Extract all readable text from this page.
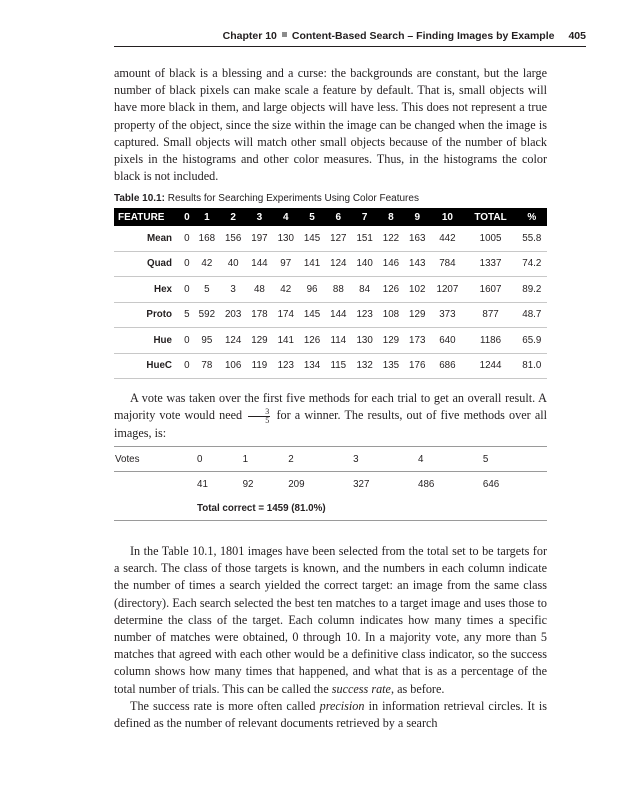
Chapter 10 Content-Based Search – Finding Images by Example 405

amount of black is a blessing and a curse: the backgrounds are constant, but the large number of black pixels can make scale a feature by default. That is, small objects will have more black in them, and large objects will have less. This does not represent a true property of the object, since the size within the image can be changed when the image is captured. Small objects will match other small objects because of the number of black pixels in the histograms and other color measures. Thus, in the histograms the color black is not included.

Table 10.1: Results for Searching Experiments Using Color Features
FEATURE	0	1	2	3	4	5	6	7	8	9	10	TOTAL	%
Mean	0	168	156	197	130	145	127	151	122	163	442	1005	55.8
Quad	0	42	40	144	97	141	124	140	146	143	784	1337	74.2
Hex	0	5	3	48	42	96	88	84	126	102	1207	1607	89.2
Proto	5	592	203	178	174	145	144	123	108	129	373	877	48.7
Hue	0	95	124	129	141	126	114	130	129	173	640	1186	65.9
HueC	0	78	106	119	123	134	115	132	135	176	686	1244	81.0

A vote was taken over the first five methods for each trial to get an overall result. A majority vote would need $\frac{3}{5}$ for a winner. The results, out of five methods over all images, is:

Votes	0	1	2	3	4	5
	41	92	209	327	486	646
	Total correct = 1459 (81.0%)					

In the Table 10.1, 1801 images have been selected from the total set to be targets for a search. The class of those targets is known, and the numbers in each column indicate the number of times a search yielded the correct target: an image from the same class (directory). Each search selected the best ten matches to a target image and uses those to determine the class of the target. Each column indicates how many times a specific number of matches were obtained, 0 through 10. In a majority vote, any more than 5 matches that agreed with each other would be a definitive class indicator, so the success column shows how many times that happened, and what that is as a percentage of the total number of trials. This can be called the success rate, as before.

The success rate is more often called precision in information retrieval circles. It is defined as the number of relevant documents retrieved by a search
